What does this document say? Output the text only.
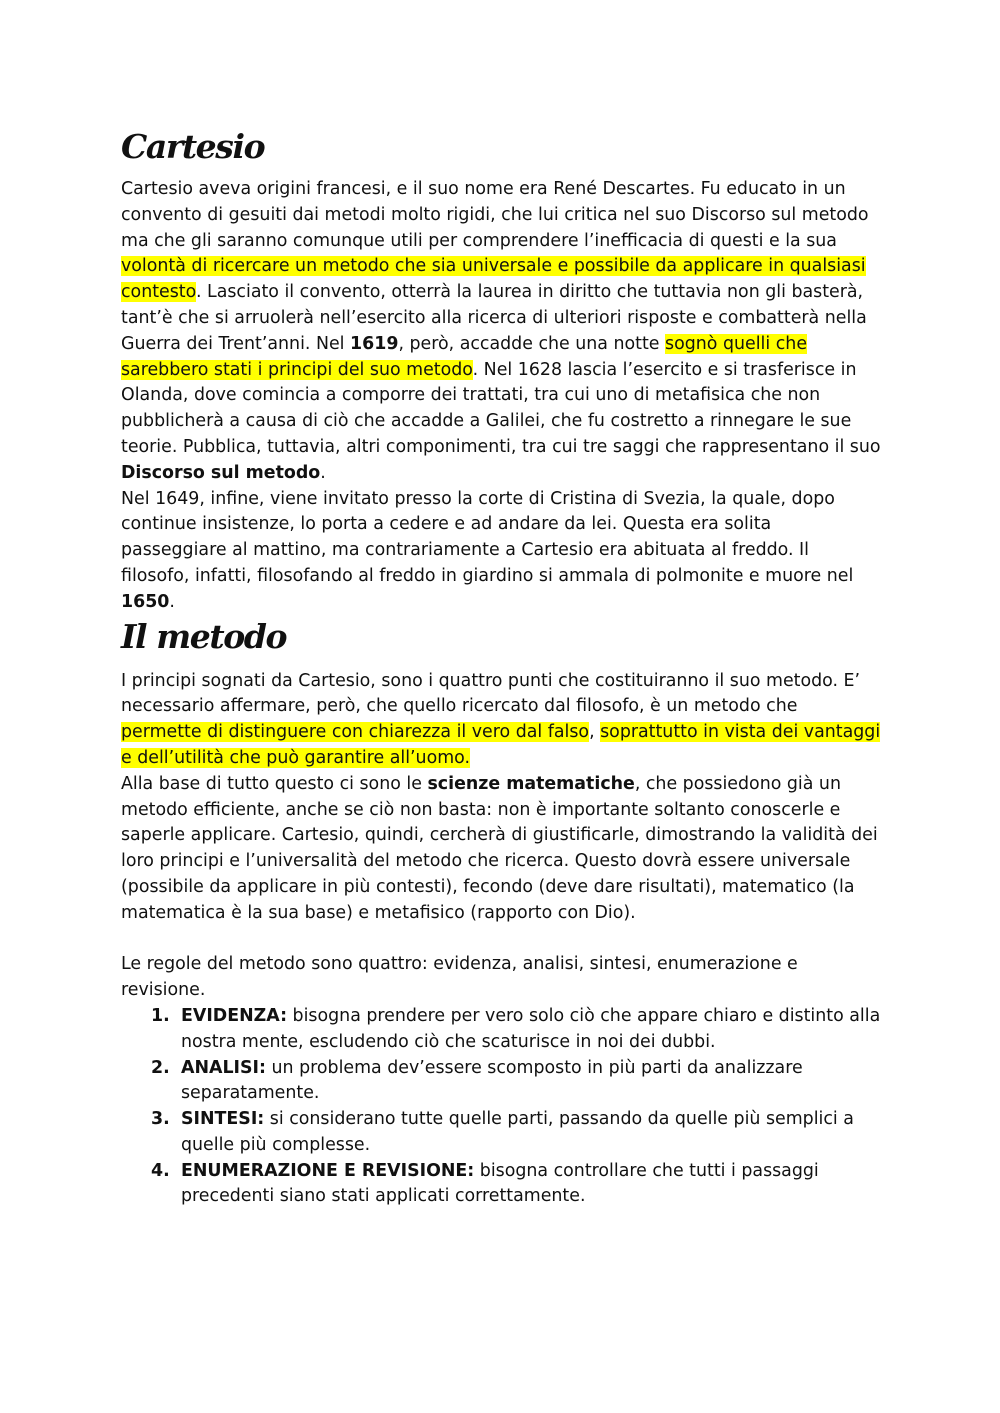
Cartesio

Cartesio aveva origini francesi, e il suo nome era René Descartes. Fu educato in un convento di gesuiti dai metodi molto rigidi, che lui critica nel suo Discorso sul metodo ma che gli saranno comunque utili per comprendere l’inefficacia di questi e la sua volontà di ricercare un metodo che sia universale e possibile da applicare in qualsiasi contesto. Lasciato il convento, otterrà la laurea in diritto che tuttavia non gli basterà, tant’è che si arruolerà nell’esercito alla ricerca di ulteriori risposte e combatterà nella Guerra dei Trent’anni. Nel 1619, però, accadde che una notte sognò quelli che sarebbero stati i principi del suo metodo. Nel 1628 lascia l’esercito e si trasferisce in Olanda, dove comincia a comporre dei trattati, tra cui uno di metafisica che non pubblicherà a causa di ciò che accadde a Galilei, che fu costretto a rinnegare le sue teorie. Pubblica, tuttavia, altri componimenti, tra cui tre saggi che rappresentano il suo Discorso sul metodo.

Nel 1649, infine, viene invitato presso la corte di Cristina di Svezia, la quale, dopo continue insistenze, lo porta a cedere e ad andare da lei. Questa era solita passeggiare al mattino, ma contrariamente a Cartesio era abituata al freddo. Il filosofo, infatti, filosofando al freddo in giardino si ammala di polmonite e muore nel 1650.

Il metodo

I principi sognati da Cartesio, sono i quattro punti che costituiranno il suo metodo. E’ necessario affermare, però, che quello ricercato dal filosofo, è un metodo che permette di distinguere con chiarezza il vero dal falso, soprattutto in vista dei vantaggi e dell’utilità che può garantire all’uomo.

Alla base di tutto questo ci sono le scienze matematiche, che possiedono già un metodo efficiente, anche se ciò non basta: non è importante soltanto conoscerle e saperle applicare. Cartesio, quindi, cercherà di giustificarle, dimostrando la validità dei loro principi e l’universalità del metodo che ricerca. Questo dovrà essere universale (possibile da applicare in più contesti), fecondo (deve dare risultati), matematico (la matematica è la sua base) e metafisico (rapporto con Dio).

Le regole del metodo sono quattro: evidenza, analisi, sintesi, enumerazione e revisione.

1. EVIDENZA: bisogna prendere per vero solo ciò che appare chiaro e distinto alla nostra mente, escludendo ciò che scaturisce in noi dei dubbi.
2. ANALISI: un problema dev’essere scomposto in più parti da analizzare separatamente.
3. SINTESI: si considerano tutte quelle parti, passando da quelle più semplici a quelle più complesse.
4. ENUMERAZIONE E REVISIONE: bisogna controllare che tutti i passaggi precedenti siano stati applicati correttamente.
